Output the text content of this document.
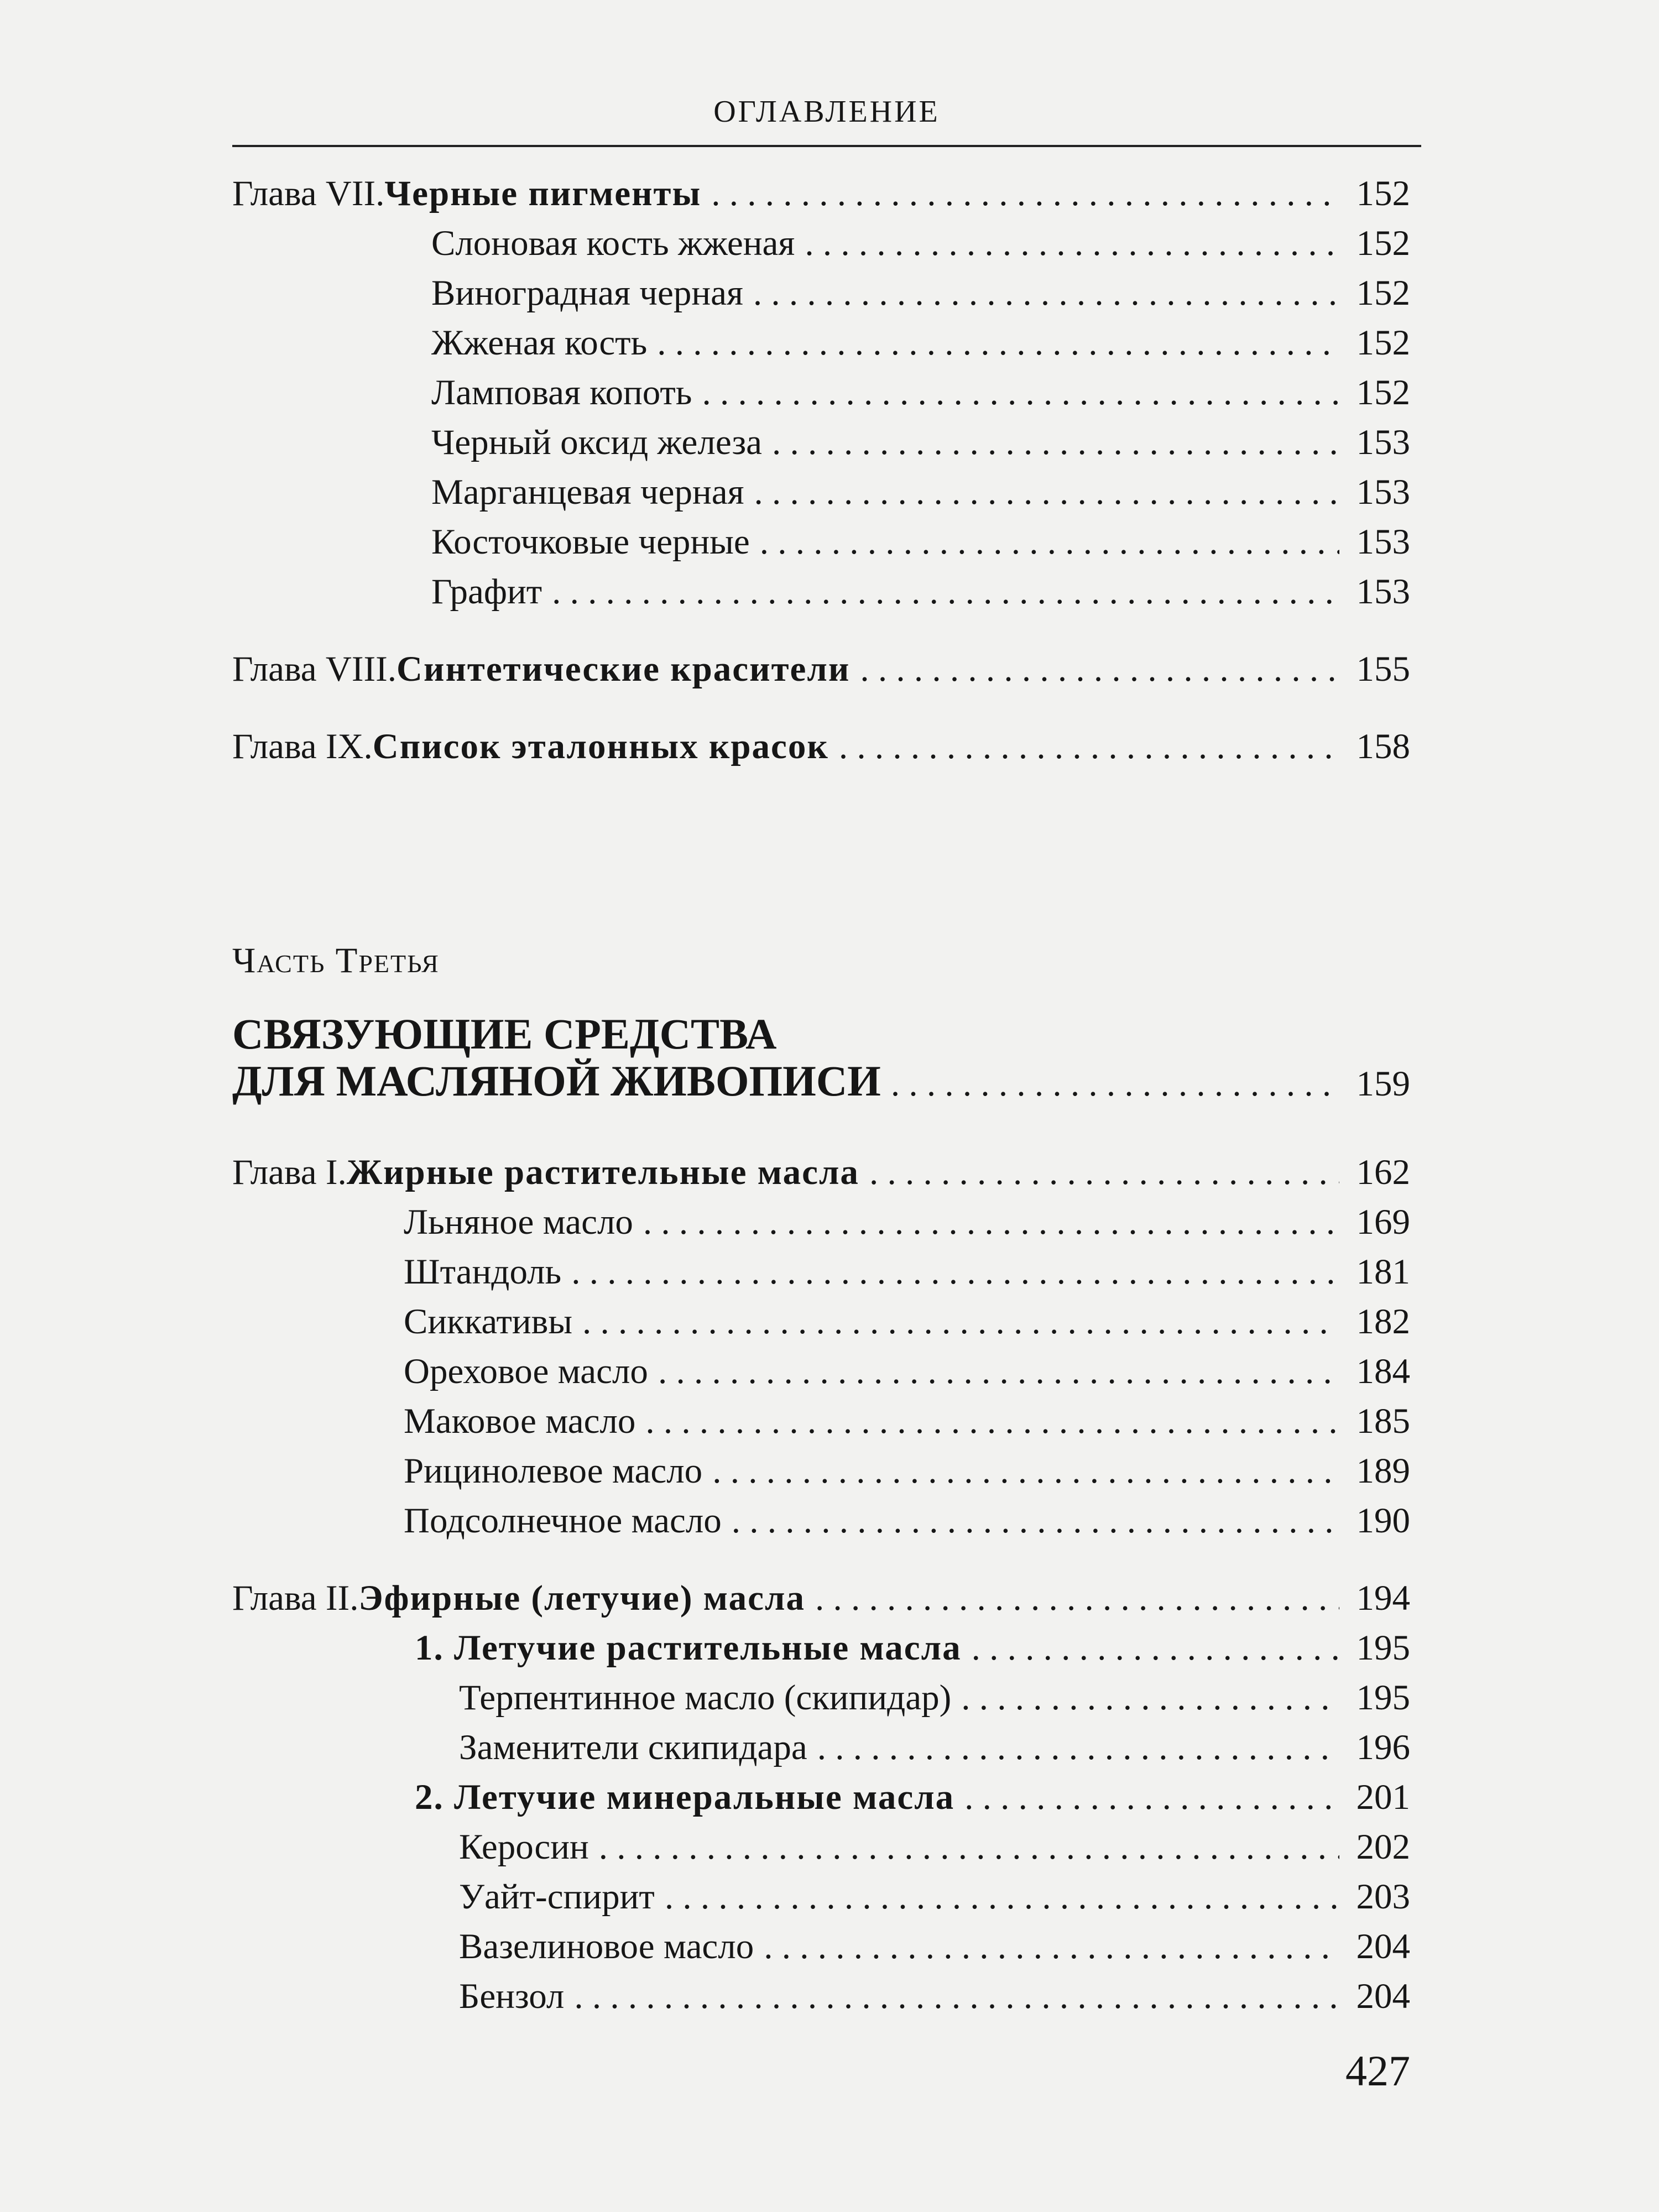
ОГЛАВЛЕНИЕ
Глава VII. Черные пигменты . . .	152
Слоновая кость жженая . . .	152
Виноградная черная . . .	152
Жженая кость . . .	152
Ламповая копоть . . .	152
Черный оксид железа . . .	153
Марганцевая черная . . .	153
Косточковые черные . . .	153
Графит . . .	153
Глава VIII. Синтетические красители . . .	155
Глава IX. Список эталонных красок . . .	158
Часть Третья
СВЯЗУЮЩИЕ СРЕДСТВА
ДЛЯ МАСЛЯНОЙ ЖИВОПИСИ . . .	159
Глава I. Жирные растительные масла . . .	162
Льняное масло . . .	169
Штандоль . . .	181
Сиккативы . . .	182
Ореховое масло . . .	184
Маковое масло . . .	185
Рицинолевое масло . . .	189
Подсолнечное масло . . .	190
Глава II. Эфирные (летучие) масла . . .	194
1. Летучие растительные масла . . .	195
Терпентинное масло (скипидар) . . .	195
Заменители скипидара . . .	196
2. Летучие минеральные масла . . .	201
Керосин . . .	202
Уайт-спирит . . .	203
Вазелиновое масло . . .	204
Бензол . . .	204
427
